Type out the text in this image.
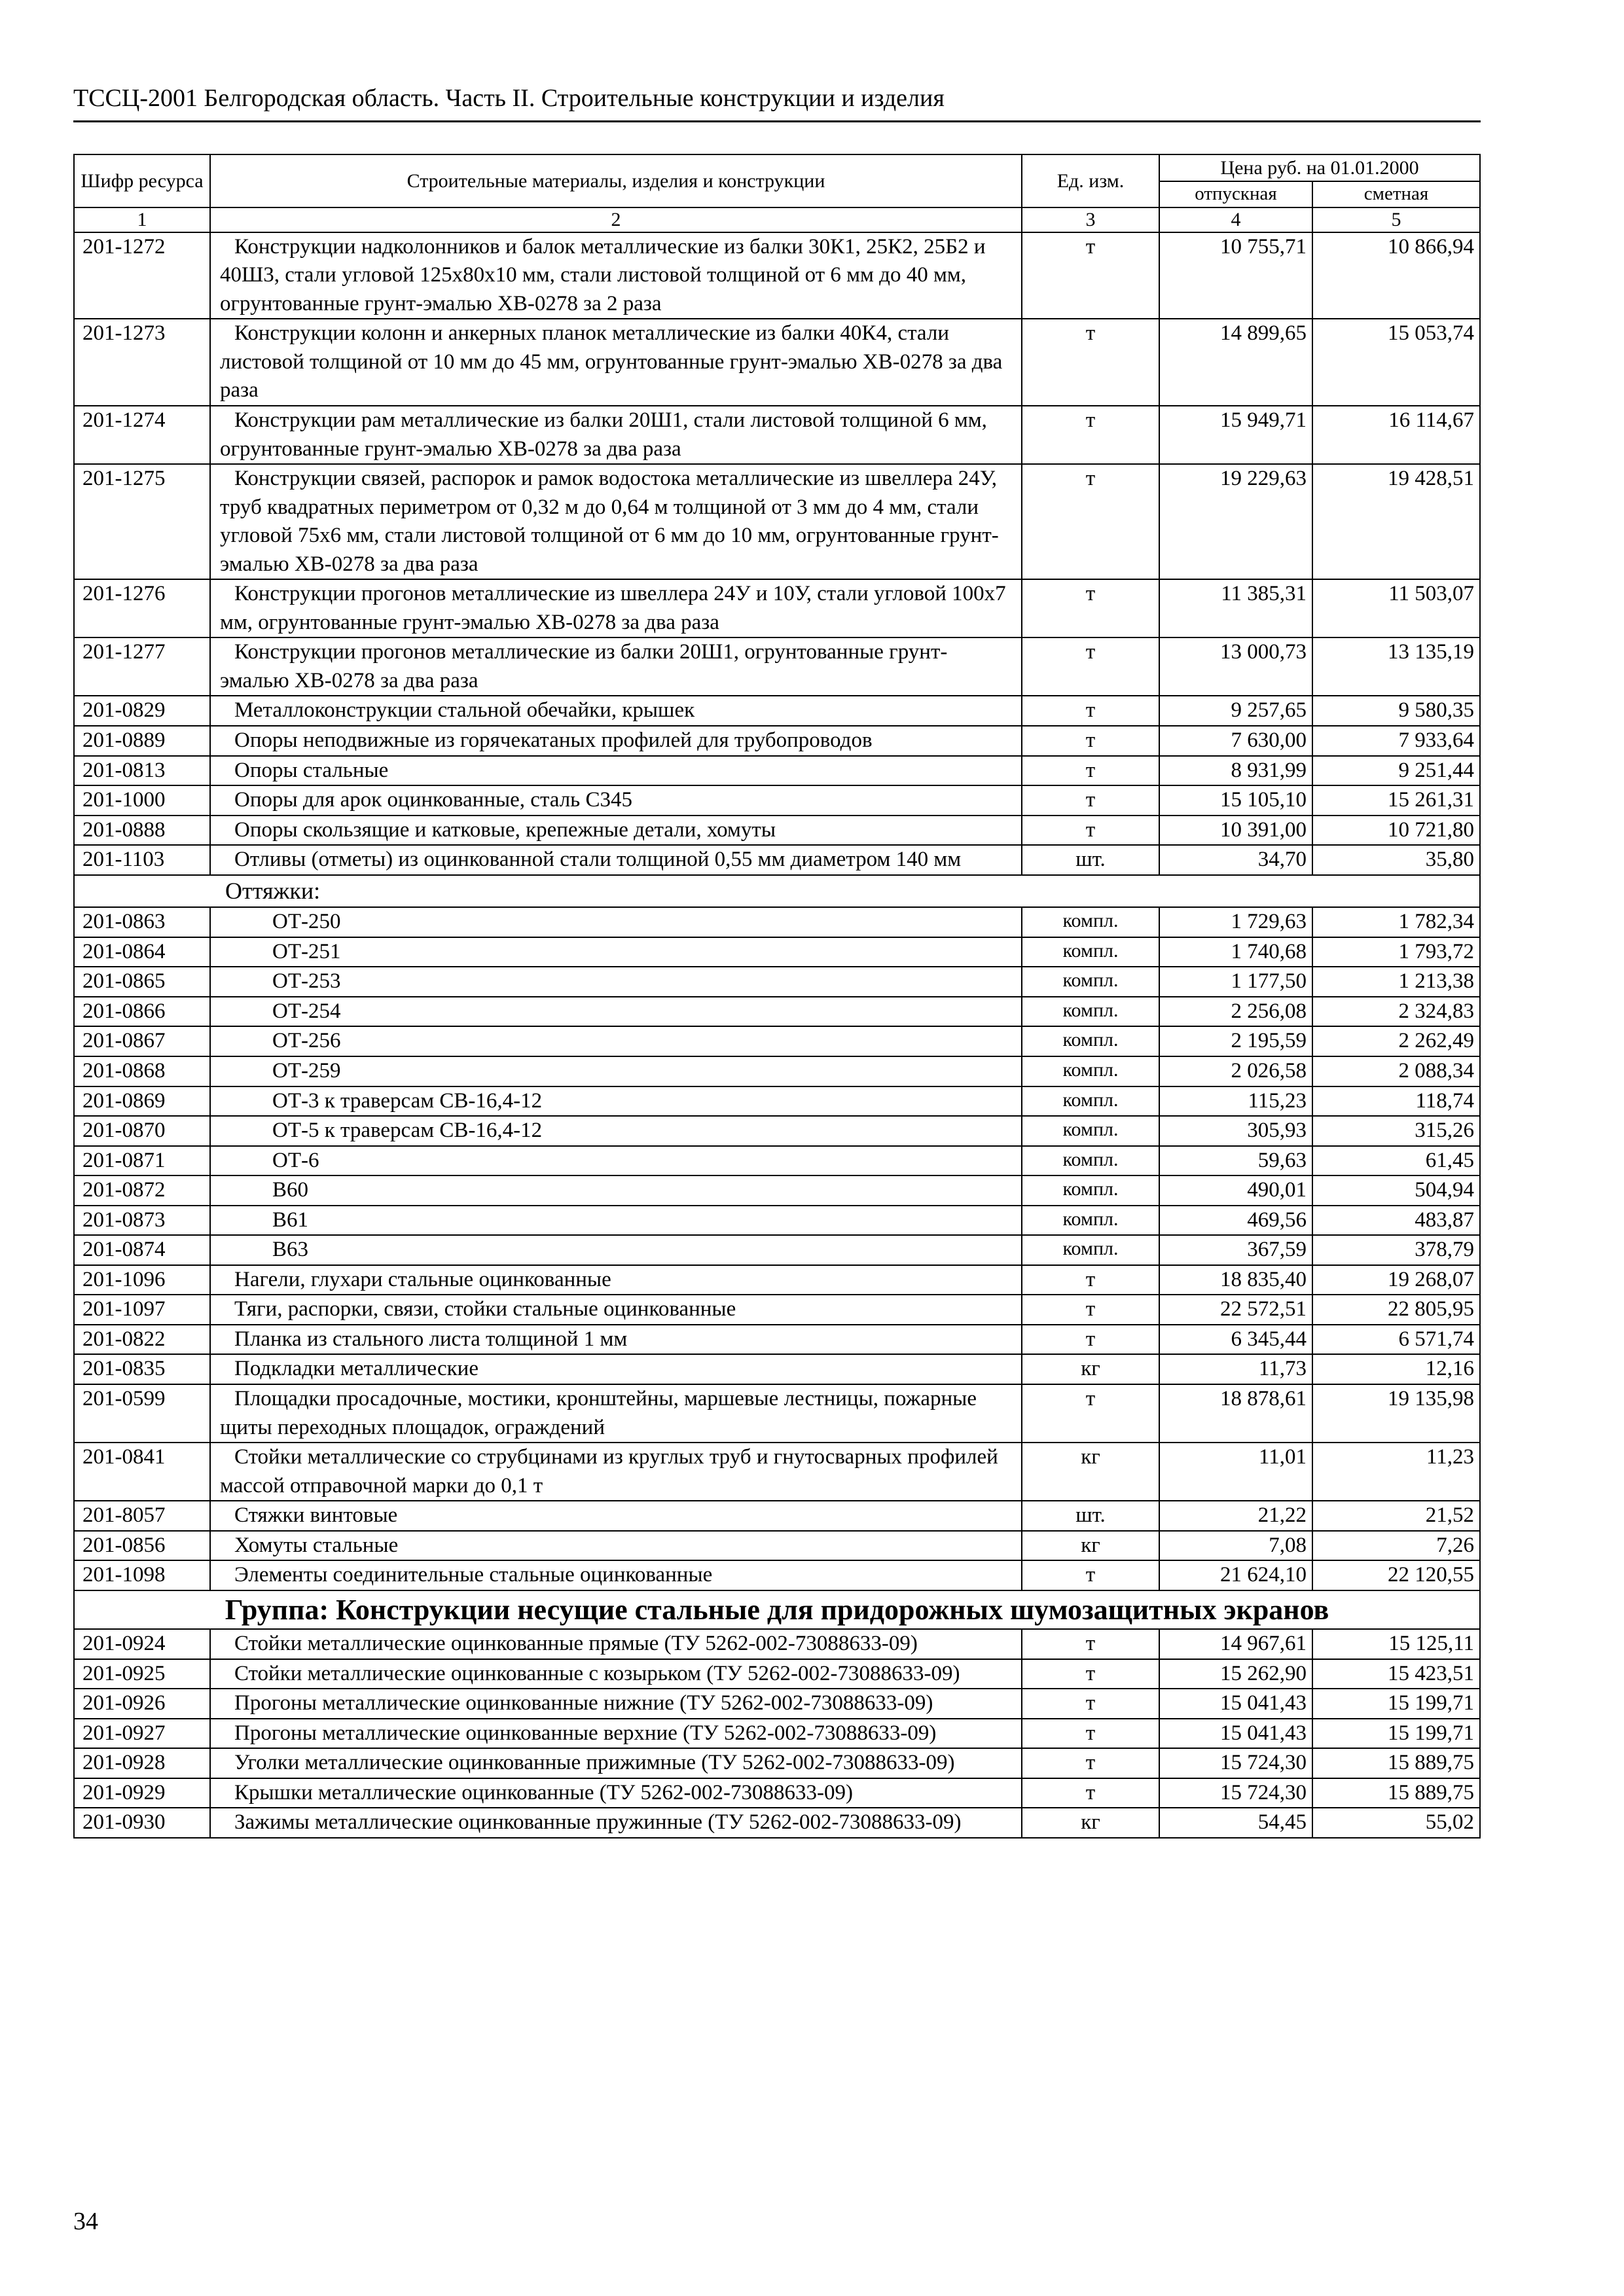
ТССЦ-2001 Белгородская область. Часть II. Строительные конструкции и изделия
Шифр ресурса	Строительные материалы, изделия и конструкции	Ед. изм.	Цена руб. на 01.01.2000	
			отпускная	сметная
1	2	3	4	5
201-1272	Конструкции надколонников и балок металлические из балки 30К1, 25К2, 25Б2 и 40Ш3, стали угловой 125х80х10 мм, стали листовой толщиной от 6 мм до 40 мм, огрунтованные грунт-эмалью ХВ-0278 за 2 раза	т	10 755,71	10 866,94
201-1273	Конструкции колонн и анкерных планок металлические из балки 40К4, стали листовой толщиной от 10 мм до 45 мм, огрунтованные грунт-эмалью ХВ-0278 за два раза	т	14 899,65	15 053,74
201-1274	Конструкции рам металлические из балки 20Ш1, стали листовой толщиной 6 мм, огрунтованные грунт-эмалью ХВ-0278 за два раза	т	15 949,71	16 114,67
201-1275	Конструкции связей, распорок и рамок водостока металлические из швеллера 24У, труб квадратных периметром от 0,32 м до 0,64 м толщиной от 3 мм до 4 мм, стали угловой 75х6 мм, стали листовой толщиной от 6 мм до 10 мм, огрунтованные грунт-эмалью ХВ-0278 за два раза	т	19 229,63	19 428,51
201-1276	Конструкции прогонов металлические из швеллера 24У и 10У, стали угловой 100х7 мм, огрунтованные грунт-эмалью ХВ-0278 за два раза	т	11 385,31	11 503,07
201-1277	Конструкции прогонов металлические из балки 20Ш1, огрунтованные грунт-эмалью ХВ-0278 за два раза	т	13 000,73	13 135,19
201-0829	Металлоконструкции стальной обечайки, крышек	т	9 257,65	9 580,35
201-0889	Опоры неподвижные из горячекатаных профилей для трубопроводов	т	7 630,00	7 933,64
201-0813	Опоры стальные	т	8 931,99	9 251,44
201-1000	Опоры для арок оцинкованные, сталь С345	т	15 105,10	15 261,31
201-0888	Опоры скользящие и катковые, крепежные детали, хомуты	т	10 391,00	10 721,80
201-1103	Отливы (отметы) из оцинкованной стали толщиной 0,55 мм диаметром 140 мм	шт.	34,70	35,80
Оттяжки:				
201-0863	ОТ-250	компл.	1 729,63	1 782,34
201-0864	ОТ-251	компл.	1 740,68	1 793,72
201-0865	ОТ-253	компл.	1 177,50	1 213,38
201-0866	ОТ-254	компл.	2 256,08	2 324,83
201-0867	ОТ-256	компл.	2 195,59	2 262,49
201-0868	ОТ-259	компл.	2 026,58	2 088,34
201-0869	ОТ-3 к траверсам СВ-16,4-12	компл.	115,23	118,74
201-0870	ОТ-5 к траверсам СВ-16,4-12	компл.	305,93	315,26
201-0871	ОТ-6	компл.	59,63	61,45
201-0872	В60	компл.	490,01	504,94
201-0873	В61	компл.	469,56	483,87
201-0874	В63	компл.	367,59	378,79
201-1096	Нагели, глухари стальные оцинкованные	т	18 835,40	19 268,07
201-1097	Тяги, распорки, связи, стойки стальные оцинкованные	т	22 572,51	22 805,95
201-0822	Планка из стального листа толщиной 1 мм	т	6 345,44	6 571,74
201-0835	Подкладки металлические	кг	11,73	12,16
201-0599	Площадки просадочные, мостики, кронштейны, маршевые лестницы, пожарные щиты переходных площадок, ограждений	т	18 878,61	19 135,98
201-0841	Стойки металлические со струбцинами из круглых труб и гнутосварных профилей массой отправочной марки до 0,1 т	кг	11,01	11,23
201-8057	Стяжки винтовые	шт.	21,22	21,52
201-0856	Хомуты стальные	кг	7,08	7,26
201-1098	Элементы соединительные стальные оцинкованные	т	21 624,10	22 120,55
Группа: Конструкции несущие стальные для придорожных шумозащитных экранов				
201-0924	Стойки металлические оцинкованные прямые (ТУ 5262-002-73088633-09)	т	14 967,61	15 125,11
201-0925	Стойки металлические оцинкованные с козырьком (ТУ 5262-002-73088633-09)	т	15 262,90	15 423,51
201-0926	Прогоны металлические оцинкованные нижние (ТУ 5262-002-73088633-09)	т	15 041,43	15 199,71
201-0927	Прогоны металлические оцинкованные верхние (ТУ 5262-002-73088633-09)	т	15 041,43	15 199,71
201-0928	Уголки металлические оцинкованные прижимные (ТУ 5262-002-73088633-09)	т	15 724,30	15 889,75
201-0929	Крышки металлические оцинкованные (ТУ 5262-002-73088633-09)	т	15 724,30	15 889,75
201-0930	Зажимы металлические оцинкованные пружинные (ТУ 5262-002-73088633-09)	кг	54,45	55,02
34
